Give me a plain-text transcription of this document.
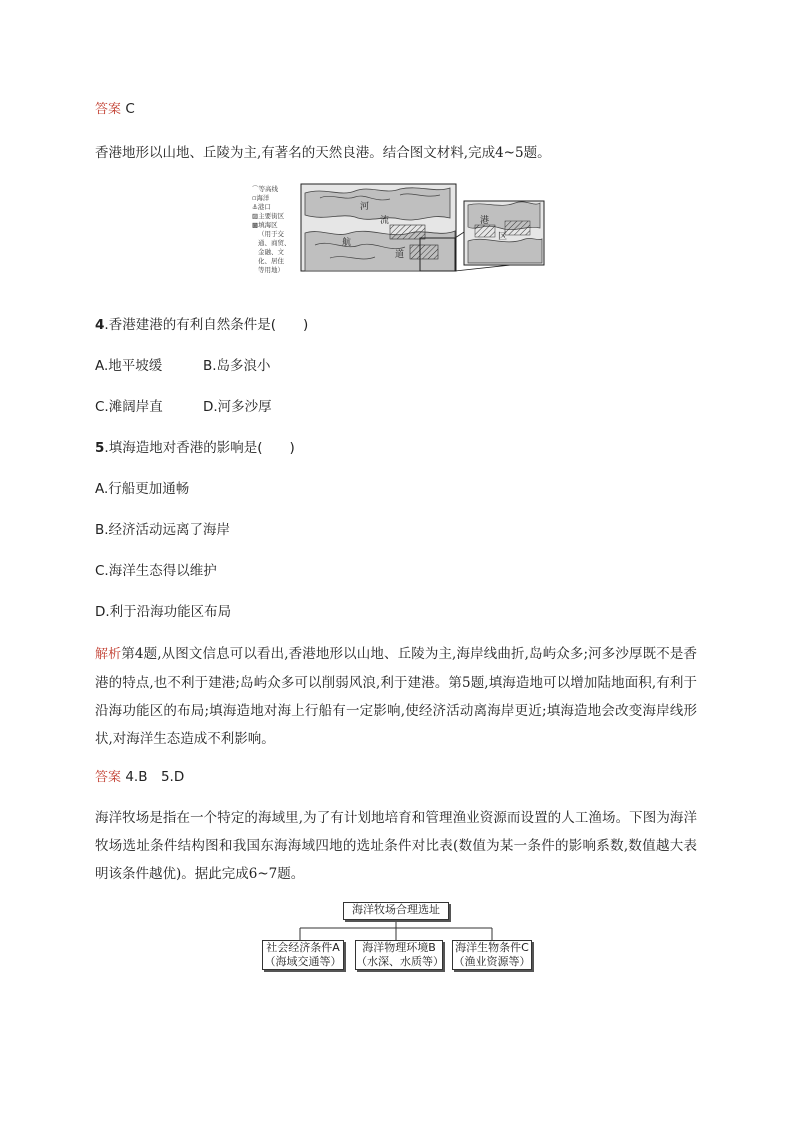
答案 C
香港地形以山地、丘陵为主,有著名的天然良港。结合图文材料,完成4~5题。
⌒等高线
▫海洋
⚓港口
▨主要街区
▩填海区
（用于交
通、商贸、
金融、文
化、居住
等用地）
河
流
航
道
港
区
4.香港建港的有利自然条件是(　　)
A.地平坡缓	B.岛多浪小
C.滩阔岸直	D.河多沙厚
5.填海造地对香港的影响是(　　)
A.行船更加通畅
B.经济活动远离了海岸
C.海洋生态得以维护
D.利于沿海功能区布局
解析第4题,从图文信息可以看出,香港地形以山地、丘陵为主,海岸线曲折,岛屿众多;河多沙厚既不是香港的特点,也不利于建港;岛屿众多可以削弱风浪,利于建港。第5题,填海造地可以增加陆地面积,有利于沿海功能区的布局;填海造地对海上行船有一定影响,使经济活动离海岸更近;填海造地会改变海岸线形状,对海洋生态造成不利影响。
答案 4.B　5.D
海洋牧场是指在一个特定的海域里,为了有计划地培育和管理渔业资源而设置的人工渔场。下图为海洋牧场选址条件结构图和我国东海海域四地的选址条件对比表(数值为某一条件的影响系数,数值越大表明该条件越优)。据此完成6~7题。
海洋牧场合理选址
社会经济条件A
（海域交通等）
海洋物理环境B
（水深、水质等）
海洋生物条件C
（渔业资源等）
